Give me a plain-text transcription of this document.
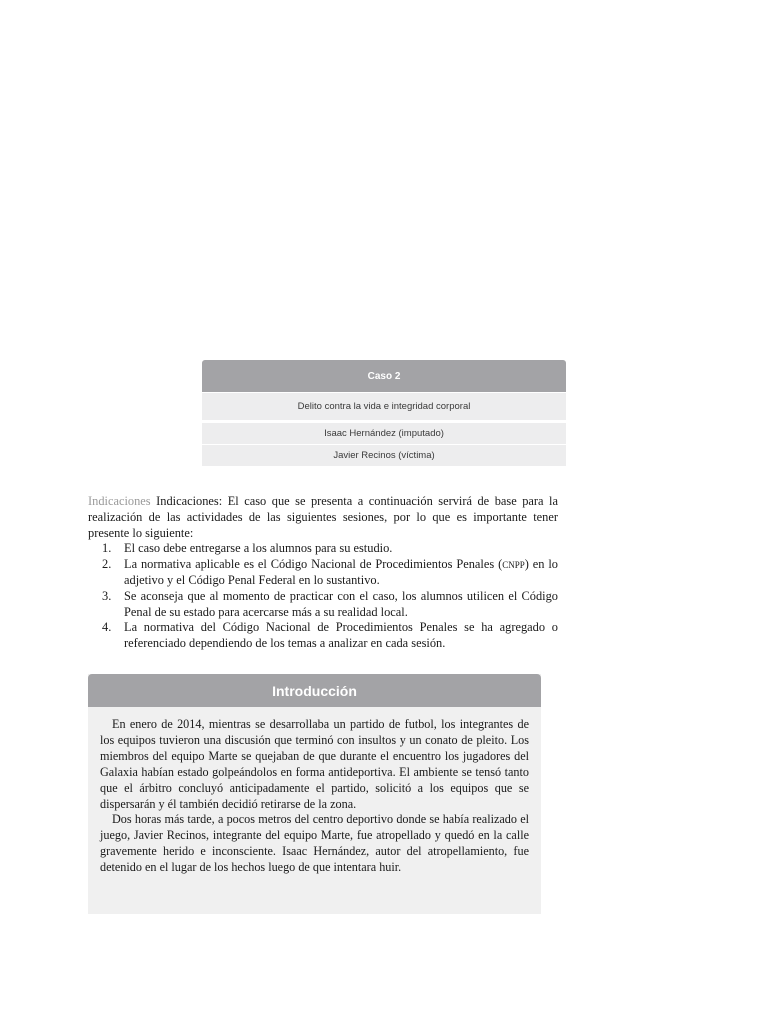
Caso 2
Delito contra la vida e integridad corporal
Isaac Hernández (imputado)
Javier Recinos (víctima)
Indicaciones Indicaciones: El caso que se presenta a continuación servirá de base para la realización de las actividades de las siguientes sesiones, por lo que es importante tener presente lo siguiente:
1. El caso debe entregarse a los alumnos para su estudio.
2. La normativa aplicable es el Código Nacional de Procedimientos Penales (cnpp) en lo adjetivo y el Código Penal Federal en lo sustantivo.
3. Se aconseja que al momento de practicar con el caso, los alumnos utilicen el Código Penal de su estado para acercarse más a su realidad local.
4. La normativa del Código Nacional de Procedimientos Penales se ha agregado o referenciado dependiendo de los temas a analizar en cada sesión.
Introducción

En enero de 2014, mientras se desarrollaba un partido de futbol, los integrantes de los equipos tuvieron una discusión que terminó con insultos y un conato de pleito. Los miembros del equipo Marte se quejaban de que durante el encuentro los jugadores del Galaxia habían estado golpeándolos en forma antideportiva. El ambiente se tensó tanto que el árbitro concluyó anticipadamente el partido, solicitó a los equipos que se dispersarán y él también decidió retirarse de la zona.

Dos horas más tarde, a pocos metros del centro deportivo donde se había realizado el juego, Javier Recinos, integrante del equipo Marte, fue atropellado y quedó en la calle gravemente herido e inconsciente. Isaac Hernández, autor del atropellamiento, fue detenido en el lugar de los hechos luego de que intentara huir.
